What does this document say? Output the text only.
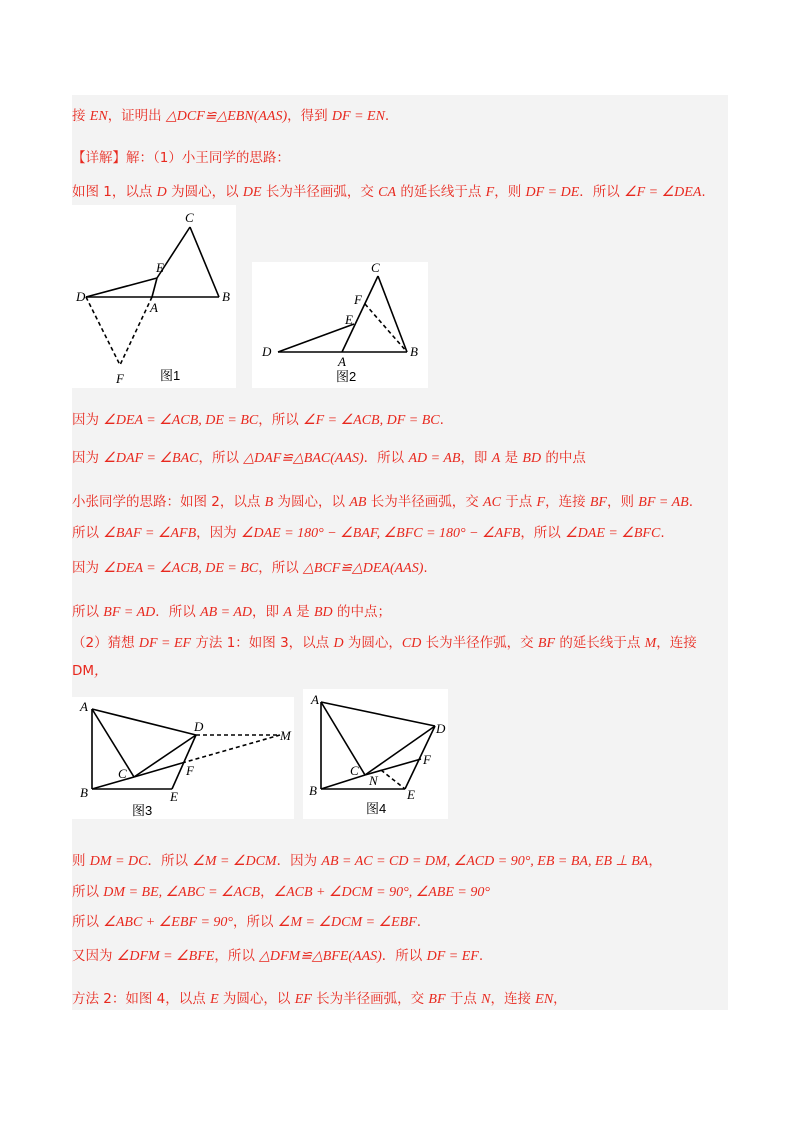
接 EN，证明出 △DCF≌△EBN(AAS)，得到 DF = EN.
【详解】解：（1）小王同学的思路：
如图 1，以点 D 为圆心，以 DE 长为半径画弧，交 CA 的延长线于点 F，则 DF = DE．所以 ∠F = ∠DEA.
因为 ∠DEA = ∠ACB, DE = BC，所以 ∠F = ∠ACB, DF = BC.
因为 ∠DAF = ∠BAC，所以 △DAF≌△BAC(AAS)．所以 AD = AB，即 A 是 BD 的中点
小张同学的思路：如图 2，以点 B 为圆心，以 AB 长为半径画弧，交 AC 于点 F，连接 BF，则 BF = AB.
所以 ∠BAF = ∠AFB，因为 ∠DAE = 180° − ∠BAF, ∠BFC = 180° − ∠AFB，所以 ∠DAE = ∠BFC.
因为 ∠DEA = ∠ACB, DE = BC，所以 △BCF≌△DEA(AAS).
所以 BF = AD．所以 AB = AD，即 A 是 BD 的中点；
（2）猜想 DF = EF 方法 1：如图 3，以点 D 为圆心，CD 长为半径作弧，交 BF 的延长线于点 M，连接
DM，
则 DM = DC．所以 ∠M = ∠DCM．因为 AB = AC = CD = DM, ∠ACD = 90°, EB = BA, EB ⊥ BA，
所以 DM = BE, ∠ABC = ∠ACB，∠ACB + ∠DCM = 90°, ∠ABE = 90°
所以 ∠ABC + ∠EBF = 90°，所以 ∠M = ∠DCM = ∠EBF.
又因为 ∠DFM = ∠BFE，所以 △DFM≌△BFE(AAS)．所以 DF = EF.
方法 2：如图 4，以点 E 为圆心，以 EF 长为半径画弧，交 BF 于点 N，连接 EN，
C
E
D
A
B
F	图1
C
F
E
D
A
B
图2
A
D
M
C	F
B	E
图3
A
D
C
N
F
B	E
图4
